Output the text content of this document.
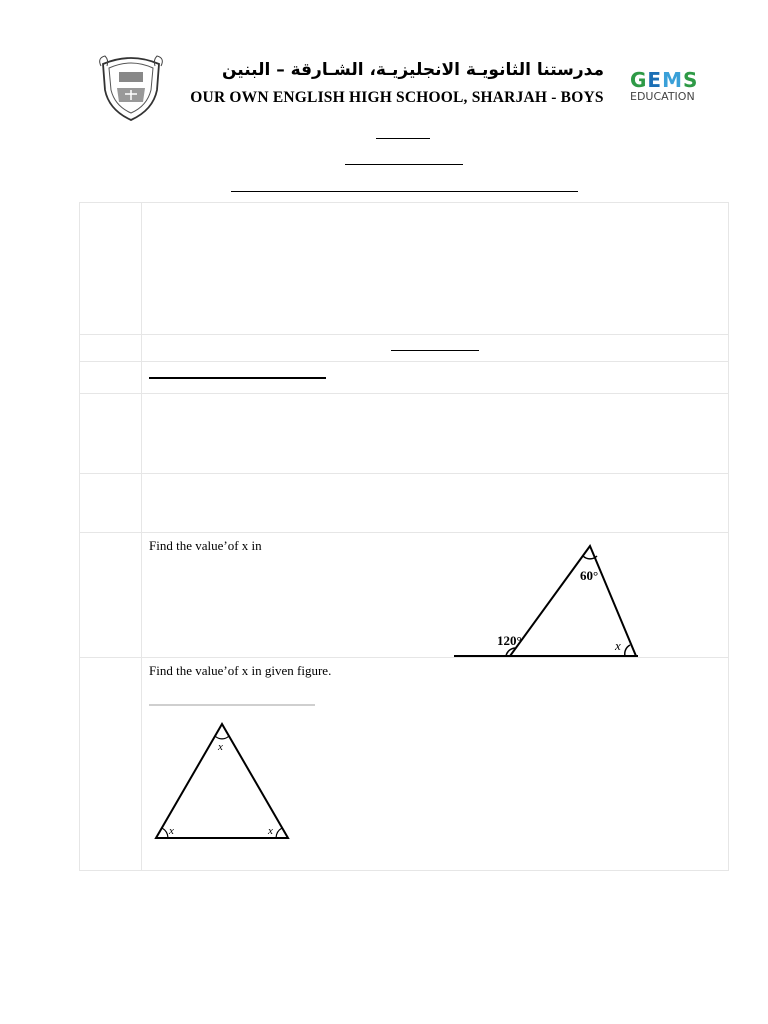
مدرستنا الثانويـة الانجليزيـة، الشـارقة – البنين
OUR OWN ENGLISH HIGH SCHOOL, SHARJAH - BOYS
GEMS
EDUCATION

	Find the value’of x in
60°
120° x

	Find the value’of x in given figure.
x
x x
